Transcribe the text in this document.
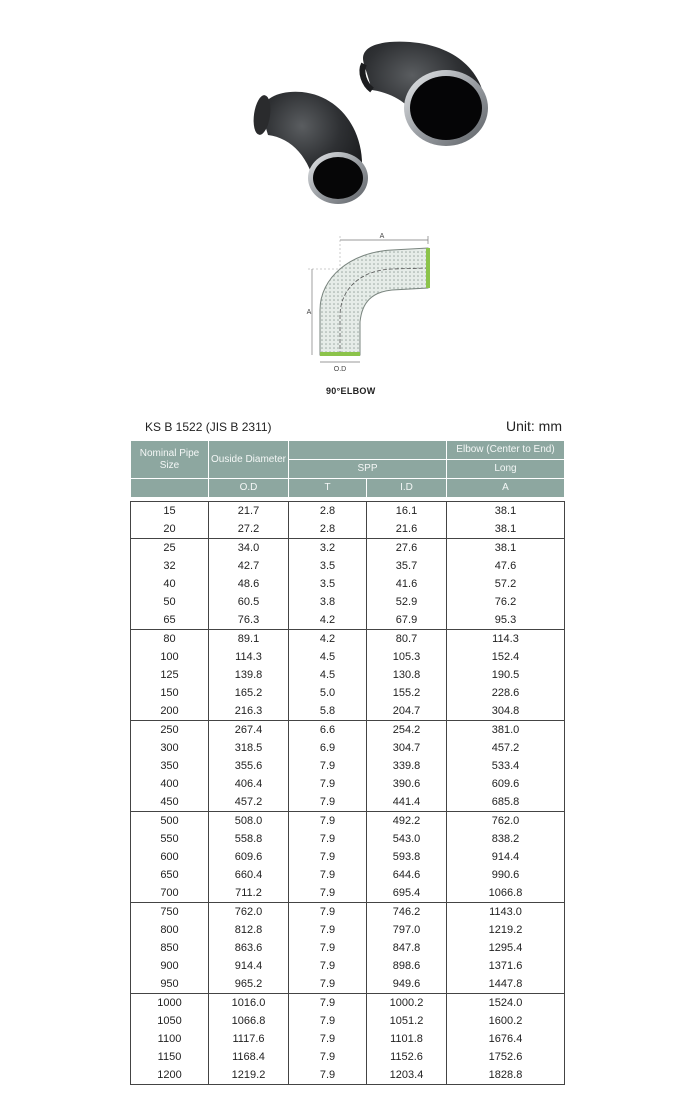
A
A
O.D
90°ELBOW
KS B 1522 (JIS B 2311)	Unit: mm
Nominal Pipe Size	Ouside Diameter			Elbow (Center to End)
		SPP		Long
	O.D	T	I.D	A

15	21.7	2.8	16.1	38.1
20	27.2	2.8	21.6	38.1
25	34.0	3.2	27.6	38.1
32	42.7	3.5	35.7	47.6
40	48.6	3.5	41.6	57.2
50	60.5	3.8	52.9	76.2
65	76.3	4.2	67.9	95.3
80	89.1	4.2	80.7	114.3
100	114.3	4.5	105.3	152.4
125	139.8	4.5	130.8	190.5
150	165.2	5.0	155.2	228.6
200	216.3	5.8	204.7	304.8
250	267.4	6.6	254.2	381.0
300	318.5	6.9	304.7	457.2
350	355.6	7.9	339.8	533.4
400	406.4	7.9	390.6	609.6
450	457.2	7.9	441.4	685.8
500	508.0	7.9	492.2	762.0
550	558.8	7.9	543.0	838.2
600	609.6	7.9	593.8	914.4
650	660.4	7.9	644.6	990.6
700	711.2	7.9	695.4	1066.8
750	762.0	7.9	746.2	1143.0
800	812.8	7.9	797.0	1219.2
850	863.6	7.9	847.8	1295.4
900	914.4	7.9	898.6	1371.6
950	965.2	7.9	949.6	1447.8
1000	1016.0	7.9	1000.2	1524.0
1050	1066.8	7.9	1051.2	1600.2
1100	1117.6	7.9	1101.8	1676.4
1150	1168.4	7.9	1152.6	1752.6
1200	1219.2	7.9	1203.4	1828.8
